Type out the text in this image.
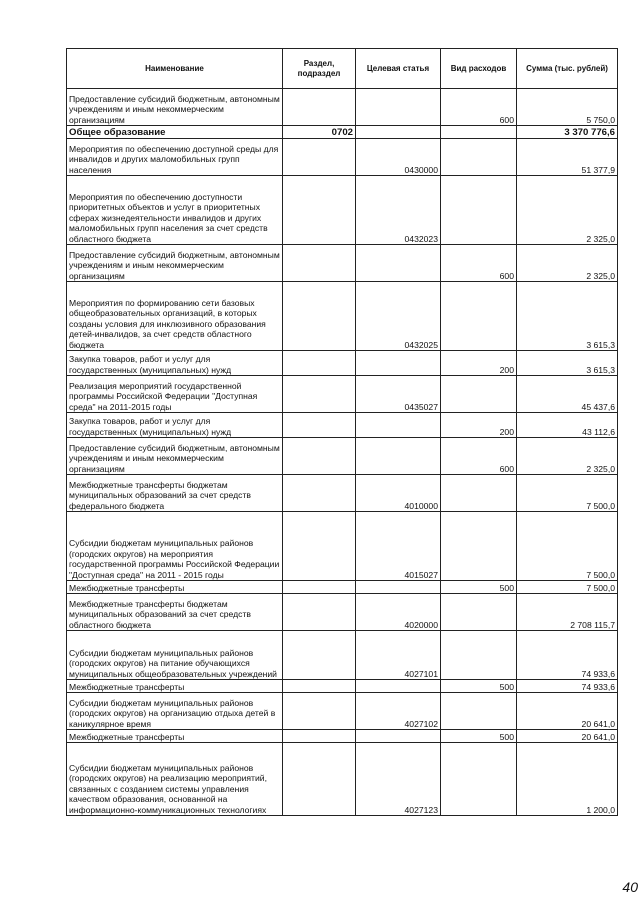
Наименование	Раздел, подраздел	Целевая статья	Вид расходов	Сумма (тыс. рублей)
Предоставление субсидий бюджетным, автономным учреждениям и иным некоммерческим организациям			600	5 750,0
Общее образование	0702			3 370 776,6
Мероприятия по обеспечению доступной среды для инвалидов и других маломобильных групп населения		0430000		51 377,9
Мероприятия по обеспечению доступности приоритетных объектов и услуг в приоритетных сферах жизнедеятельности инвалидов и других маломобильных групп населения за счет средств областного бюджета		0432023		2 325,0
Предоставление субсидий бюджетным, автономным учреждениям и иным некоммерческим организациям			600	2 325,0
Мероприятия по формированию сети базовых общеобразовательных организаций, в которых созданы условия для инклюзивного образования детей-инвалидов, за счет средств областного бюджета		0432025		3 615,3
Закупка товаров, работ и услуг для государственных (муниципальных) нужд			200	3 615,3
Реализация мероприятий государственной программы Российской Федерации "Доступная среда" на 2011-2015 годы		0435027		45 437,6
Закупка товаров, работ и услуг для государственных (муниципальных) нужд			200	43 112,6
Предоставление субсидий бюджетным, автономным учреждениям и иным некоммерческим организациям			600	2 325,0
Межбюджетные трансферты бюджетам муниципальных образований за счет средств федерального бюджета		4010000		7 500,0
Субсидии бюджетам муниципальных районов (городских округов) на мероприятия государственной программы Российской Федерации "Доступная среда" на 2011 - 2015 годы		4015027		7 500,0
Межбюджетные трансферты			500	7 500,0
Межбюджетные трансферты бюджетам муниципальных образований за счет средств областного бюджета		4020000		2 708 115,7
Субсидии бюджетам муниципальных районов (городских округов) на питание обучающихся муниципальных общеобразовательных учреждений		4027101		74 933,6
Межбюджетные трансферты			500	74 933,6
Субсидии бюджетам муниципальных районов (городских округов) на организацию отдыха детей в каникулярное время		4027102		20 641,0
Межбюджетные трансферты			500	20 641,0
Субсидии бюджетам муниципальных районов (городских округов) на реализацию мероприятий, связанных с созданием системы управления качеством образования, основанной на информационно-коммуникационных технологиях		4027123		1 200,0
40
